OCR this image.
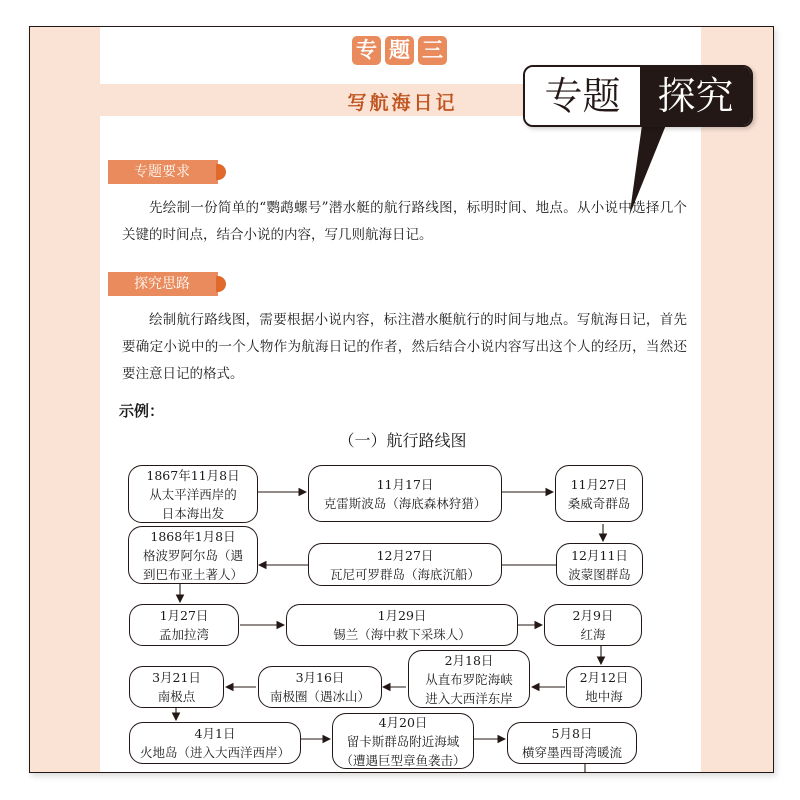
专 题 三
写航海日记	专题 探究
专题要求
先绘制一份简单的“鹦鹉螺号”潜水艇的航行路线图，标明时间、地点。从小说中选择几个关键的时间点，结合小说的内容，写几则航海日记。
探究思路
绘制航行路线图，需要根据小说内容，标注潜水艇航行的时间与地点。写航海日记，首先要确定小说中的一个人物作为航海日记的作者，然后结合小说内容写出这个人的经历，当然还要注意日记的格式。
示例：
（一）航行路线图
1867年11月8日
从太平洋西岸的
日本海出发
11月17日
克雷斯波岛（海底森林狩猎）
11月27日
桑威奇群岛
12月11日
波蒙图群岛
12月27日
瓦尼可罗群岛（海底沉船）
1868年1月8日
格波罗阿尔岛（遇
到巴布亚土著人）
1月27日
孟加拉湾
1月29日
锡兰（海中救下采珠人）
2月9日
红海
2月12日
地中海
2月18日
从直布罗陀海峡
进入大西洋东岸
3月16日
南极圈（遇冰山）
3月21日
南极点
4月1日
火地岛（进入大西洋西岸）
4月20日
留卡斯群岛附近海域
（遭遇巨型章鱼袭击）
5月8日
横穿墨西哥湾暖流
